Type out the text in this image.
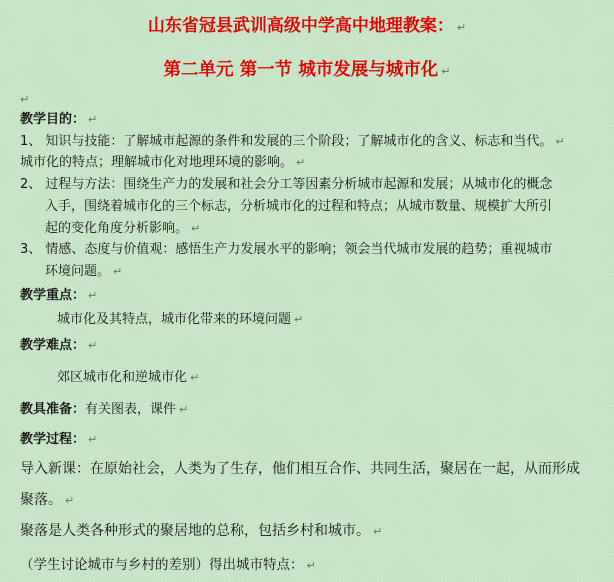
山东省冠县武训高级中学高中地理教案： ↵
第二单元 第一节 城市发展与城市化 ↵
↵
教学目的： ↵
1、 知识与技能：了解城市起源的条件和发展的三个阶段；了解城市化的含义、标志和当代。 ↵
城市化的特点；理解城市化对地理环境的影响。 ↵
2、 过程与方法：围绕生产力的发展和社会分工等因素分析城市起源和发展；从城市化的概念
入手，围绕着城市化的三个标志，分析城市化的过程和特点；从城市数量、规模扩大所引
起的变化角度分析影响。 ↵
3、 情感、态度与价值观：感悟生产力发展水平的影响；领会当代城市发展的趋势；重视城市
环境问题。 ↵
教学重点： ↵
城市化及其特点，城市化带来的环境问题 ↵
教学难点： ↵
郊区城市化和逆城市化 ↵
教具准备：有关图表，课件 ↵
教学过程： ↵
导入新课：在原始社会，人类为了生存，他们相互合作、共同生活，聚居在一起，从而形成
聚落。 ↵
聚落是人类各种形式的聚居地的总称，包括乡村和城市。 ↵
（学生讨论城市与乡村的差别）得出城市特点： ↵
